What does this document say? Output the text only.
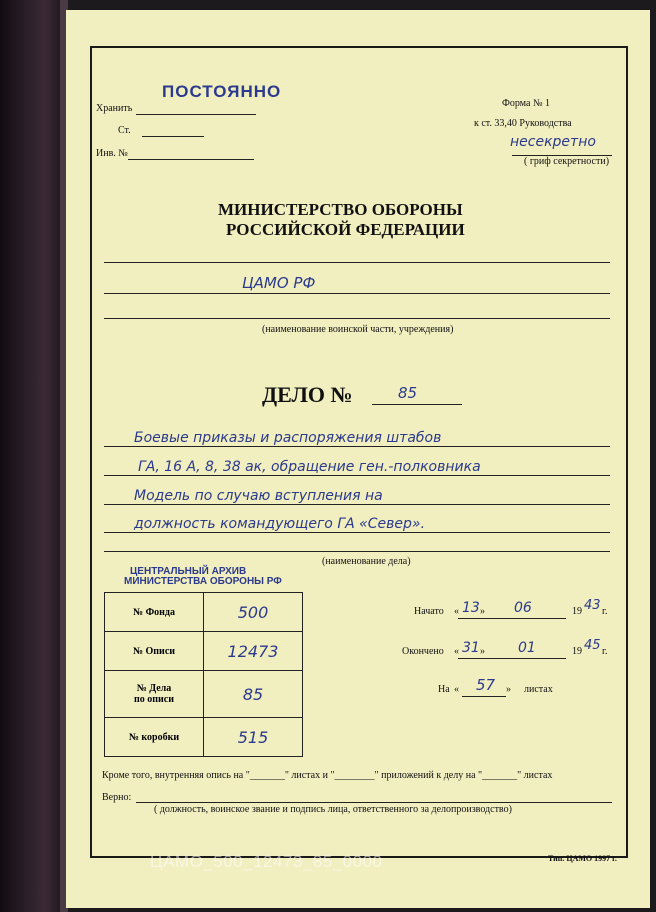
ПОСТОЯННО
Хранить
Ст.
Инв. №
Форма № 1
к ст. 33,40 Руководства
несекретно
( гриф секретности)
МИНИСТЕРСТВО ОБОРОНЫ
РОССИЙСКОЙ ФЕДЕРАЦИИ
ЦАМО РФ
(наименование воинской части, учреждения)
ДЕЛО №	85
Боевые приказы и распоряжения штабов
ГА, 16 А, 8, 38 ак, обращение ген.-полковника
Модель по случаю вступления на
должность командующего ГА «Север».
(наименование дела)
ЦЕНТРАЛЬНЫЙ АРХИВ
МИНИСТЕРСТВА ОБОРОНЫ РФ
№ Фонда	500
№ Описи	12473
№ Дела
по описи	85
№ коробки	515
Начато « 13 » 06	19 43 г.
Окончено « 31 » 01	19 45 г.
На « 57 » листах
Кроме того, внутренняя опись на "_______" листах и "________" приложений к делу на "_______" листах
Верно:
( должность, воинское звание и подпись лица, ответственного за делопроизводство)
Тип. ЦАМО 1997 г.
ЦАМО_500_12473_85_0000
